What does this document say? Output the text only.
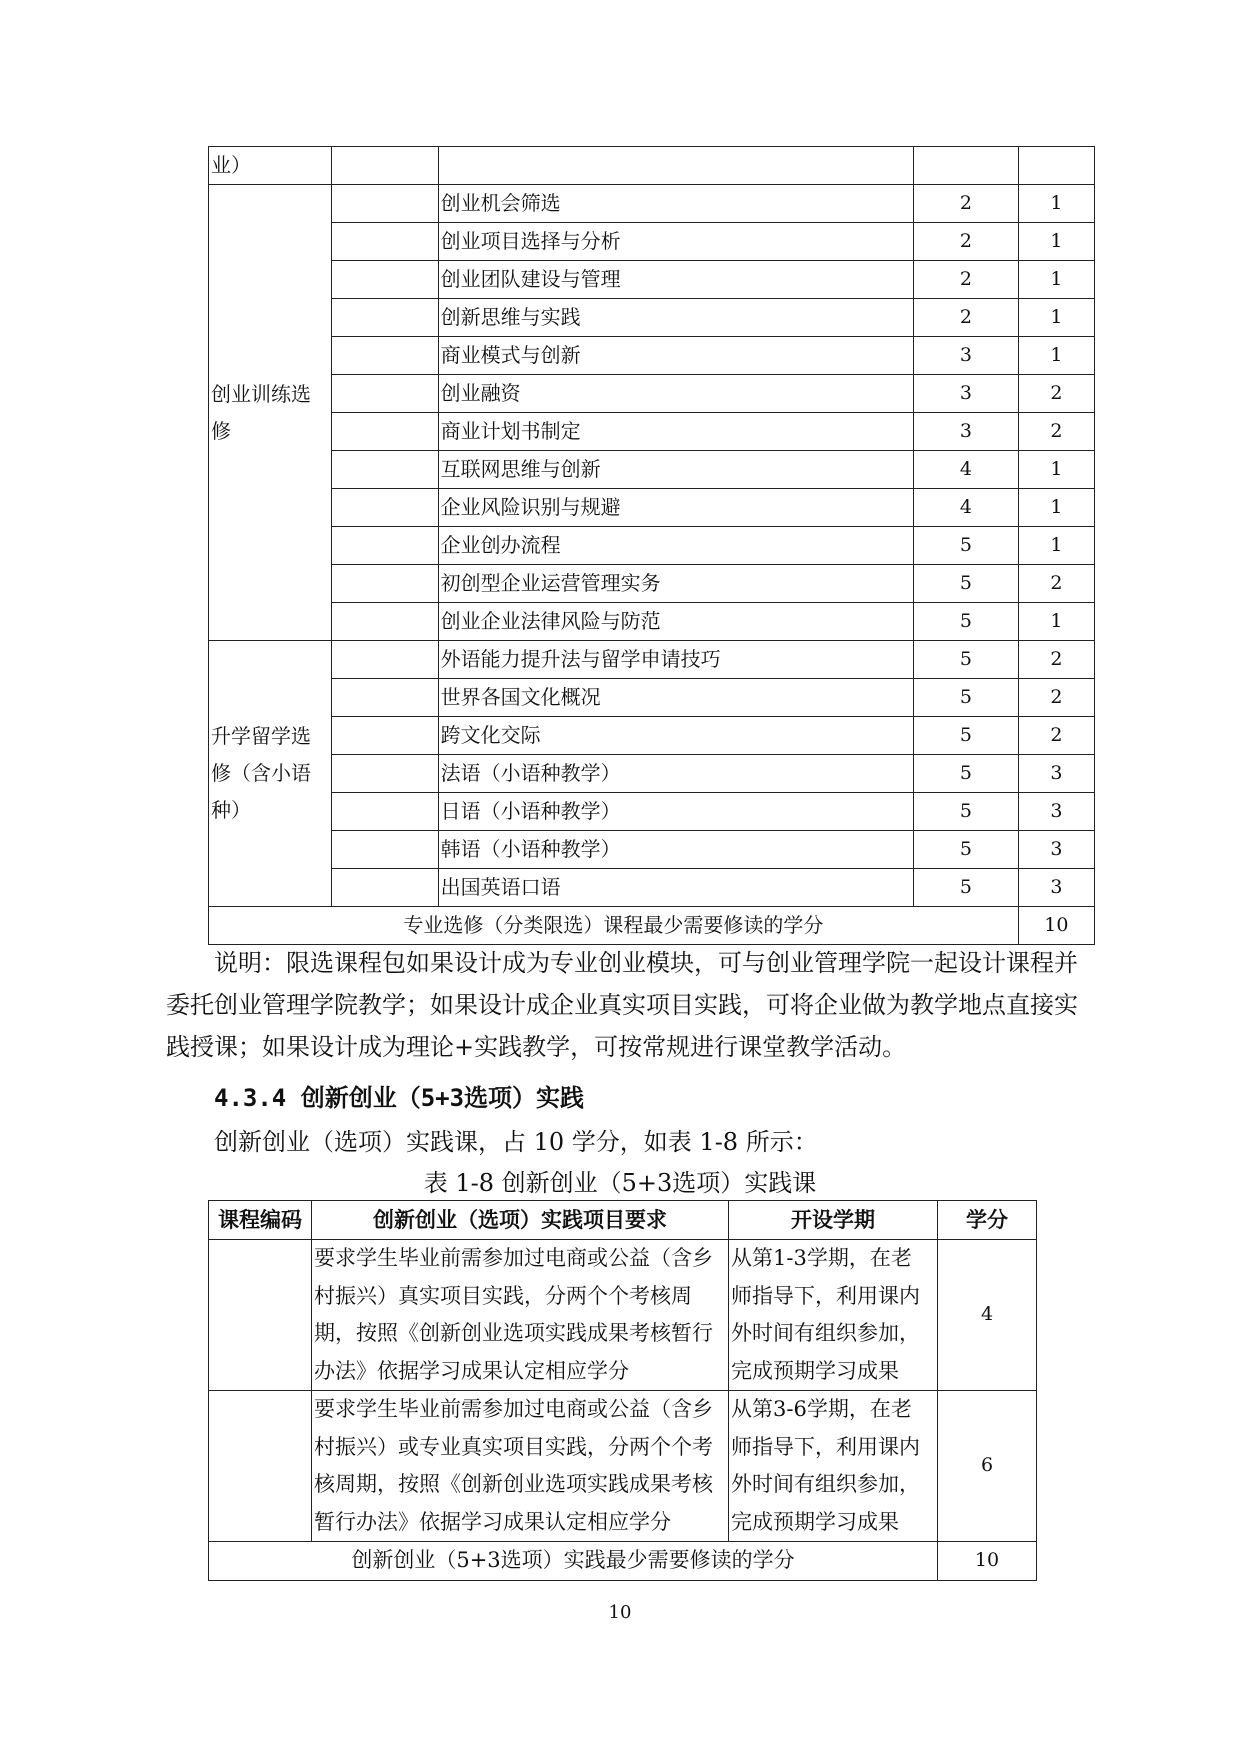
业）				
创业训练选修		创业机会筛选	2	1
		创业项目选择与分析	2	1
		创业团队建设与管理	2	1
		创新思维与实践	2	1
		商业模式与创新	3	1
		创业融资	3	2
		商业计划书制定	3	2
		互联网思维与创新	4	1
		企业风险识别与规避	4	1
		企业创办流程	5	1
		初创型企业运营管理实务	5	2
		创业企业法律风险与防范	5	1
升学留学选修（含小语种）		外语能力提升法与留学申请技巧	5	2
		世界各国文化概况	5	2
		跨文化交际	5	2
		法语（小语种教学）	5	3
		日语（小语种教学）	5	3
		韩语（小语种教学）	5	3
		出国英语口语	5	3
专业选修（分类限选）课程最少需要修读的学分				10

说明：限选课程包如果设计成为专业创业模块，可与创业管理学院一起设计课程并委托创业管理学院教学；如果设计成企业真实项目实践，可将企业做为教学地点直接实践授课；如果设计成为理论+实践教学，可按常规进行课堂教学活动。

4.3.4 创新创业（5+3选项）实践

创新创业（选项）实践课，占 10 学分，如表 1-8 所示：

表 1-8 创新创业（5+3选项）实践课

课程编码	创新创业（选项）实践项目要求	开设学期	学分
	要求学生毕业前需参加过电商或公益（含乡
村振兴）真实项目实践，分两个个考核周
期，按照《创新创业选项实践成果考核暂行
办法》依据学习成果认定相应学分	从第1-3学期，在老
师指导下，利用课内
外时间有组织参加，
完成预期学习成果	4
	要求学生毕业前需参加过电商或公益（含乡
村振兴）或专业真实项目实践，分两个个考
核周期，按照《创新创业选项实践成果考核
暂行办法》依据学习成果认定相应学分	从第3-6学期，在老
师指导下，利用课内
外时间有组织参加，
完成预期学习成果	6
创新创业（5+3选项）实践最少需要修读的学分			10
10
